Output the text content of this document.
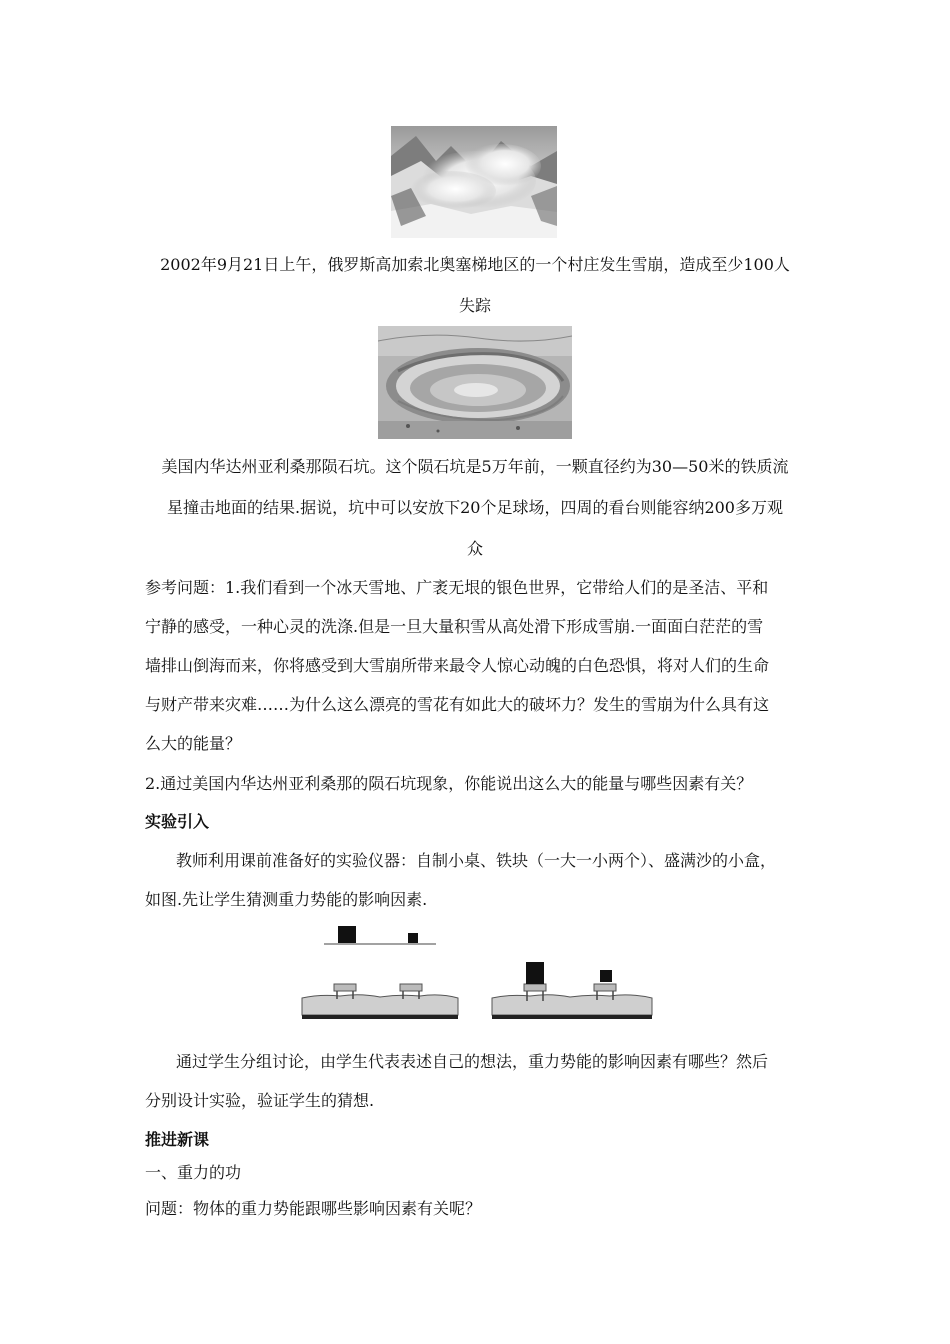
2002年9月21日上午，俄罗斯高加索北奥塞梯地区的一个村庄发生雪崩，造成至少100人
失踪
美国内华达州亚利桑那陨石坑。这个陨石坑是5万年前，一颗直径约为30—50米的铁质流
星撞击地面的结果.据说，坑中可以安放下20个足球场，四周的看台则能容纳200多万观
众
参考问题：1.我们看到一个冰天雪地、广袤无垠的银色世界，它带给人们的是圣洁、平和
宁静的感受，一种心灵的洗涤.但是一旦大量积雪从高处滑下形成雪崩.一面面白茫茫的雪
墙排山倒海而来，你将感受到大雪崩所带来最令人惊心动魄的白色恐惧，将对人们的生命
与财产带来灾难……为什么这么漂亮的雪花有如此大的破坏力？发生的雪崩为什么具有这
么大的能量？
2.通过美国内华达州亚利桑那的陨石坑现象，你能说出这么大的能量与哪些因素有关？
实验引入
教师利用课前准备好的实验仪器：自制小桌、铁块（一大一小两个）、盛满沙的小盒，
如图.先让学生猜测重力势能的影响因素.
通过学生分组讨论，由学生代表表述自己的想法，重力势能的影响因素有哪些？然后
分别设计实验，验证学生的猜想.
推进新课
一、重力的功
问题：物体的重力势能跟哪些影响因素有关呢？
